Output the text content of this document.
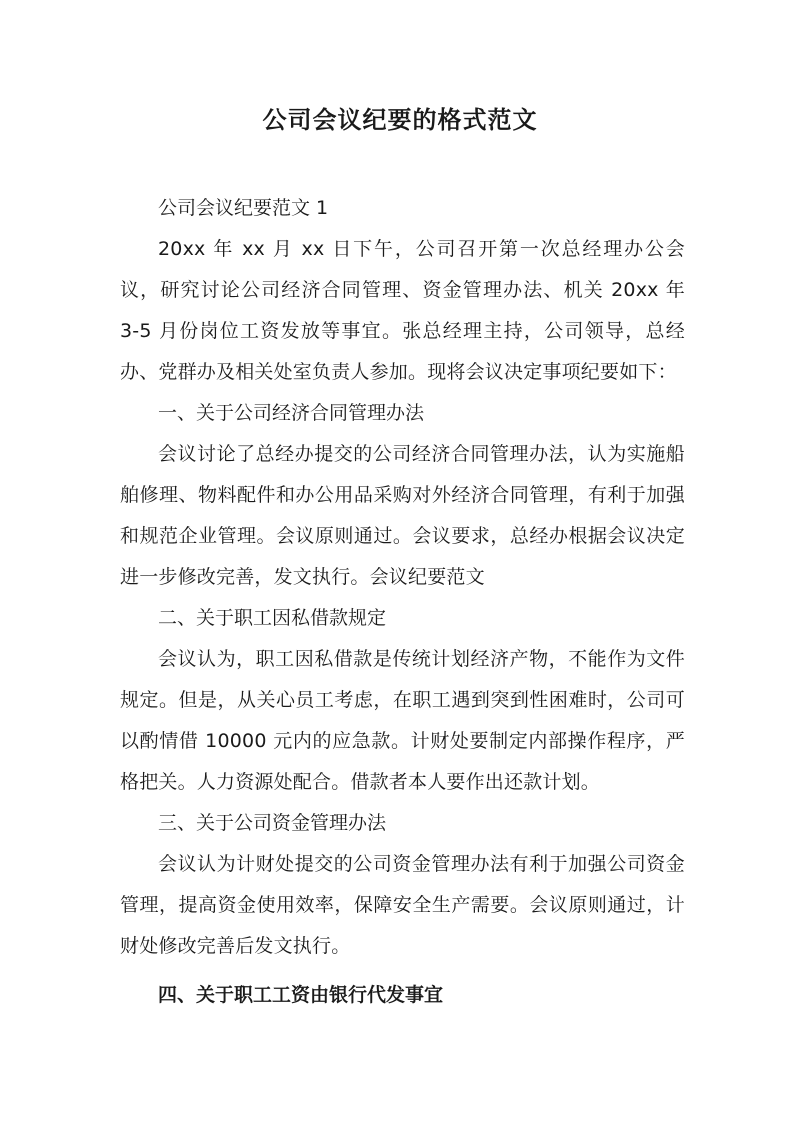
公司会议纪要的格式范文

公司会议纪要范文 1

20xx 年 xx 月 xx 日下午，公司召开第一次总经理办公会议，研究讨论公司经济合同管理、资金管理办法、机关 20xx 年 3-5 月份岗位工资发放等事宜。张总经理主持，公司领导，总经办、党群办及相关处室负责人参加。现将会议决定事项纪要如下：

一、关于公司经济合同管理办法

会议讨论了总经办提交的公司经济合同管理办法，认为实施船舶修理、物料配件和办公用品采购对外经济合同管理，有利于加强和规范企业管理。会议原则通过。会议要求，总经办根据会议决定进一步修改完善，发文执行。会议纪要范文

二、关于职工因私借款规定

会议认为，职工因私借款是传统计划经济产物，不能作为文件规定。但是，从关心员工考虑，在职工遇到突到性困难时，公司可以酌情借 10000 元内的应急款。计财处要制定内部操作程序，严格把关。人力资源处配合。借款者本人要作出还款计划。

三、关于公司资金管理办法

会议认为计财处提交的公司资金管理办法有利于加强公司资金管理，提高资金使用效率，保障安全生产需要。会议原则通过，计财处修改完善后发文执行。

四、关于职工工资由银行代发事宜
